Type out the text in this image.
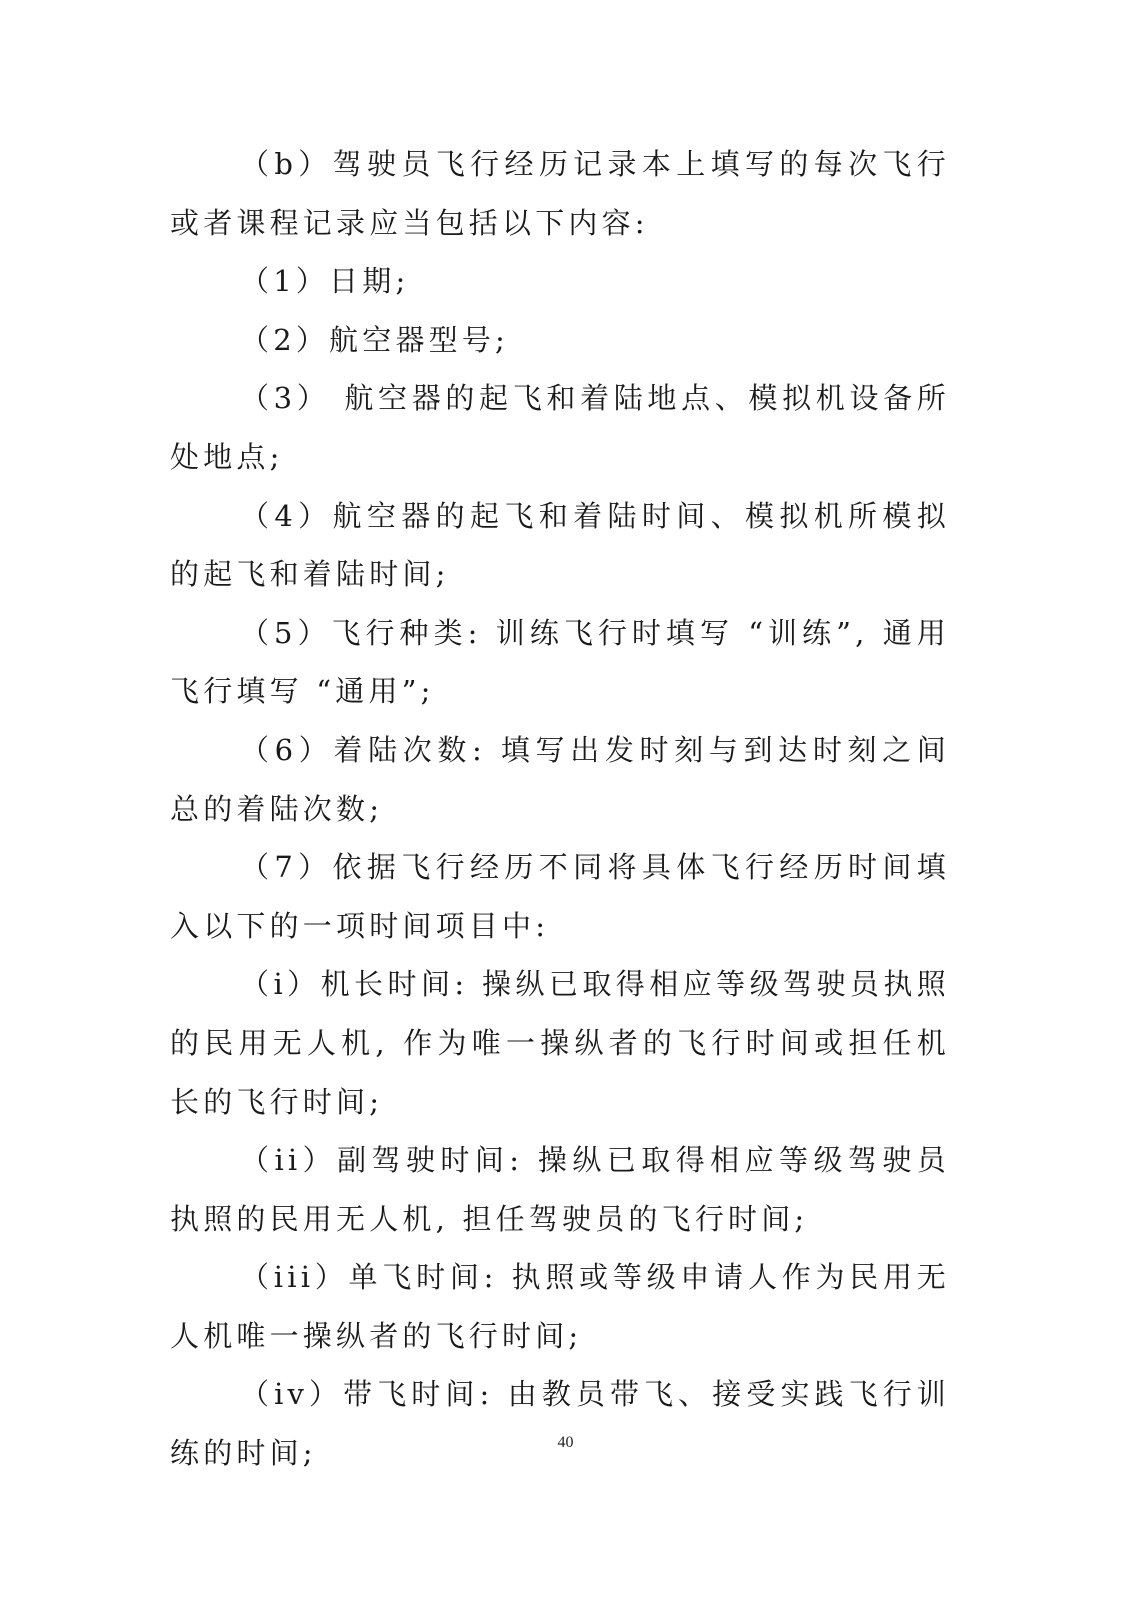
（b）驾驶员飞行经历记录本上填写的每次飞行或者课程记录应当包括以下内容:

（1）日期;

（2）航空器型号;

（3） 航空器的起飞和着陆地点、模拟机设备所处地点;

（4）航空器的起飞和着陆时间、模拟机所模拟的起飞和着陆时间;

（5）飞行种类: 训练飞行时填写 “训练”, 通用飞行填写 “通用”;

（6）着陆次数: 填写出发时刻与到达时刻之间总的着陆次数;

（7）依据飞行经历不同将具体飞行经历时间填入以下的一项时间项目中:

（i）机长时间: 操纵已取得相应等级驾驶员执照的民用无人机, 作为唯一操纵者的飞行时间或担任机长的飞行时间;

（ii）副驾驶时间: 操纵已取得相应等级驾驶员执照的民用无人机, 担任驾驶员的飞行时间;

（iii）单飞时间: 执照或等级申请人作为民用无人机唯一操纵者的飞行时间;

（iv）带飞时间: 由教员带飞、接受实践飞行训练的时间;	40
